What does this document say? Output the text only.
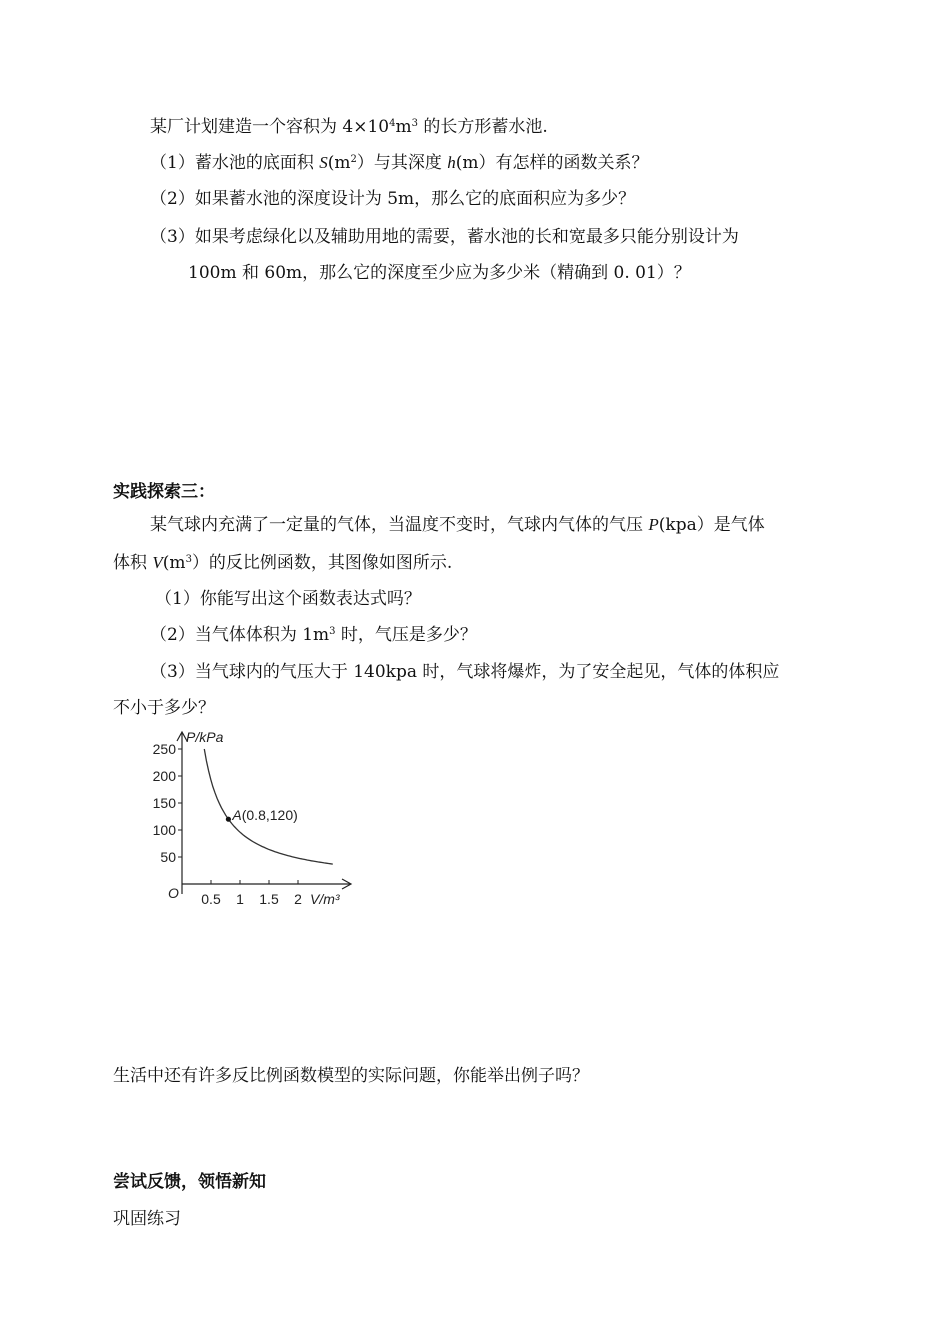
某厂计划建造一个容积为 $4\times 10^4m^3$ 的长方形蓄水池.
（1）蓄水池的底面积 $S(m^2)$与其深度 h(m）有怎样的函数关系？
（2）如果蓄水池的深度设计为 5m，那么它的底面积应为多少？
（3）如果考虑绿化以及辅助用地的需要，蓄水池的长和宽最多只能分别设计为
100m 和 60m，那么它的深度至少应为多少米（精确到 0. 01）？
实践探索三：
某气球内充满了一定量的气体，当温度不变时，气球内气体的气压 P(kpa）是气体
体积 $V(m^3)$的反比例函数，其图像如图所示.
（1）你能写出这个函数表达式吗？
（2）当气体体积为 $1m^3$ 时，气压是多少？
（3）当气球内的气压大于 140kpa 时，气球将爆炸，为了安全起见，气体的体积应
不小于多少？
250
200
150
100
50
0.5 1 1.5 2
A(0.8,120)
P/kPa
V/m³
O
生活中还有许多反比例函数模型的实际问题，你能举出例子吗？
尝试反馈，领悟新知
巩固练习
